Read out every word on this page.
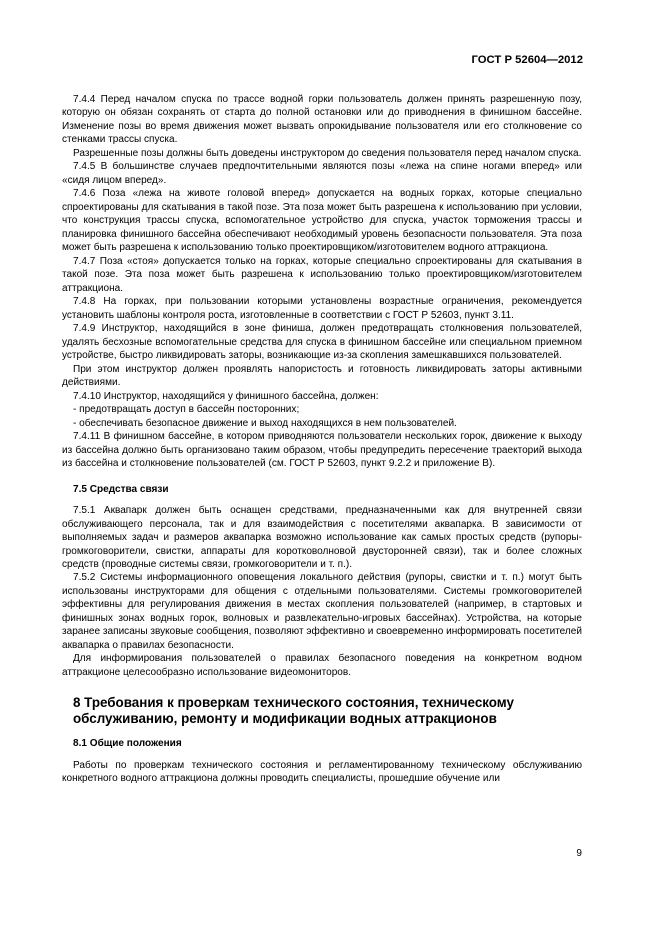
ГОСТ Р 52604—2012

7.4.4 Перед началом спуска по трассе водной горки пользователь должен принять разрешенную позу, которую он обязан сохранять от старта до полной остановки или до приводнения в финишном бассейне. Изменение позы во время движения может вызвать опрокидывание пользователя или его столкновение со стенками трассы спуска.

Разрешенные позы должны быть доведены инструктором до сведения пользователя перед началом спуска.

7.4.5 В большинстве случаев предпочтительными являются позы «лежа на спине ногами вперед» или «сидя лицом вперед».

7.4.6 Поза «лежа на животе головой вперед» допускается на водных горках, которые специально спроектированы для скатывания в такой позе. Эта поза может быть разрешена к использованию при условии, что конструкция трассы спуска, вспомогательное устройство для спуска, участок торможения трассы и планировка финишного бассейна обеспечивают необходимый уровень безопасности пользователя. Эта поза может быть разрешена к использованию только проектировщиком/изготовителем водного аттракциона.

7.4.7 Поза «стоя» допускается только на горках, которые специально спроектированы для скатывания в такой позе. Эта поза может быть разрешена к использованию только проектировщиком/изготовителем аттракциона.

7.4.8 На горках, при пользовании которыми установлены возрастные ограничения, рекомендуется установить шаблоны контроля роста, изготовленные в соответствии с ГОСТ Р 52603, пункт 3.11.

7.4.9 Инструктор, находящийся в зоне финиша, должен предотвращать столкновения пользователей, удалять бесхозные вспомогательные средства для спуска в финишном бассейне или специальном приемном устройстве, быстро ликвидировать заторы, возникающие из-за скопления замешкавшихся пользователей.

При этом инструктор должен проявлять напористость и готовность ликвидировать заторы активными действиями.

7.4.10 Инструктор, находящийся у финишного бассейна, должен:

- предотвращать доступ в бассейн посторонних;

- обеспечивать безопасное движение и выход находящихся в нем пользователей.

7.4.11 В финишном бассейне, в котором приводняются пользователи нескольких горок, движение к выходу из бассейна должно быть организовано таким образом, чтобы предупредить пересечение траекторий выхода из бассейна и столкновение пользователей (см. ГОСТ Р 52603, пункт 9.2.2 и приложение В).

7.5 Средства связи

7.5.1 Аквапарк должен быть оснащен средствами, предназначенными как для внутренней связи обслуживающего персонала, так и для взаимодействия с посетителями аквапарка. В зависимости от выполняемых задач и размеров аквапарка возможно использование как самых простых средств (рупоры-громкоговорители, свистки, аппараты для коротковолновой двусторонней связи), так и более сложных средств (проводные системы связи, громкоговорители и т. п.).

7.5.2 Системы информационного оповещения локального действия (рупоры, свистки и т. п.) могут быть использованы инструкторами для общения с отдельными пользователями. Системы громкоговорителей эффективны для регулирования движения в местах скопления пользователей (например, в стартовых и финишных зонах водных горок, волновых и развлекательно-игровых бассейнах). Устройства, на которые заранее записаны звуковые сообщения, позволяют эффективно и своевременно информировать посетителей аквапарка о правилах безопасности.

Для информирования пользователей о правилах безопасного поведения на конкретном водном аттракционе целесообразно использование видеомониторов.

8 Требования к проверкам технического состояния, техническому обслуживанию, ремонту и модификации водных аттракционов
8.1 Общие положения

Работы по проверкам технического состояния и регламентированному техническому обслуживанию конкретного водного аттракциона должны проводить специалисты, прошедшие обучение или

9
